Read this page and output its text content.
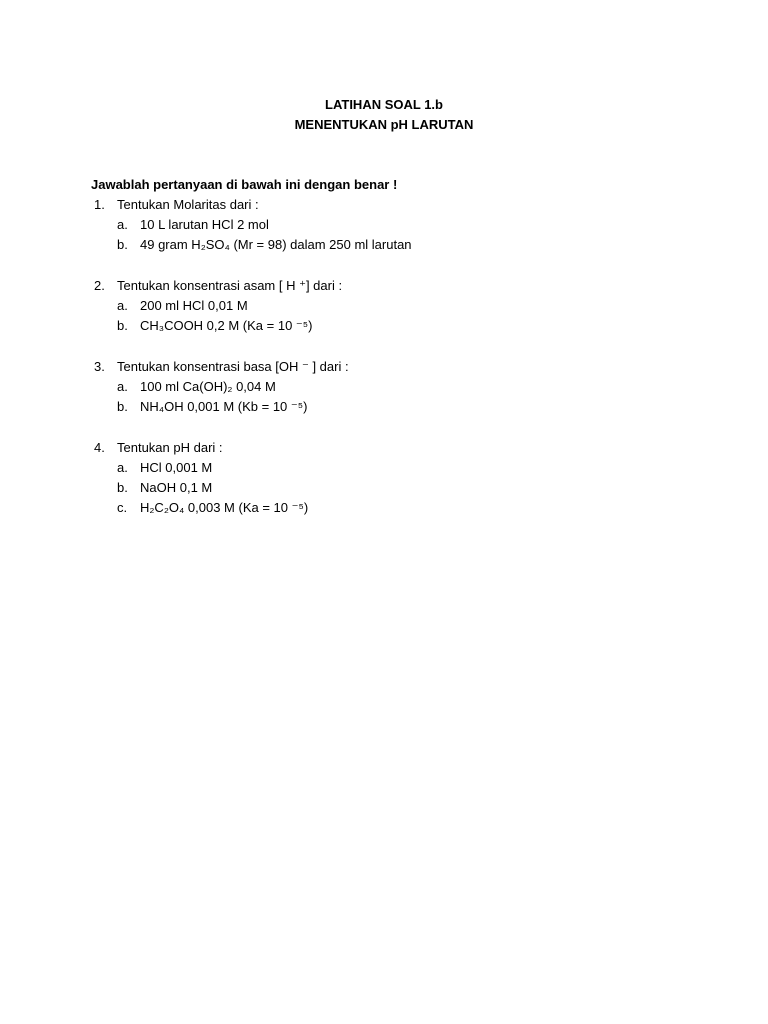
LATIHAN SOAL 1.b
MENENTUKAN pH LARUTAN
Jawablah pertanyaan di bawah ini dengan benar !
1. Tentukan Molaritas dari :
a. 10 L larutan HCl 2 mol
b. 49 gram H₂SO₄ (Mr = 98) dalam 250 ml larutan
2. Tentukan konsentrasi asam [ H ⁺] dari :
a. 200 ml HCl 0,01 M
b. CH₃COOH 0,2 M (Ka = 10 ⁻⁵)
3. Tentukan konsentrasi basa [OH ⁻ ] dari :
a. 100 ml Ca(OH)₂ 0,04 M
b. NH₄OH 0,001 M (Kb = 10 ⁻⁵)
4. Tentukan pH dari :
a. HCl 0,001 M
b. NaOH 0,1 M
c. H₂C₂O₄ 0,003 M (Ka = 10 ⁻⁵)
